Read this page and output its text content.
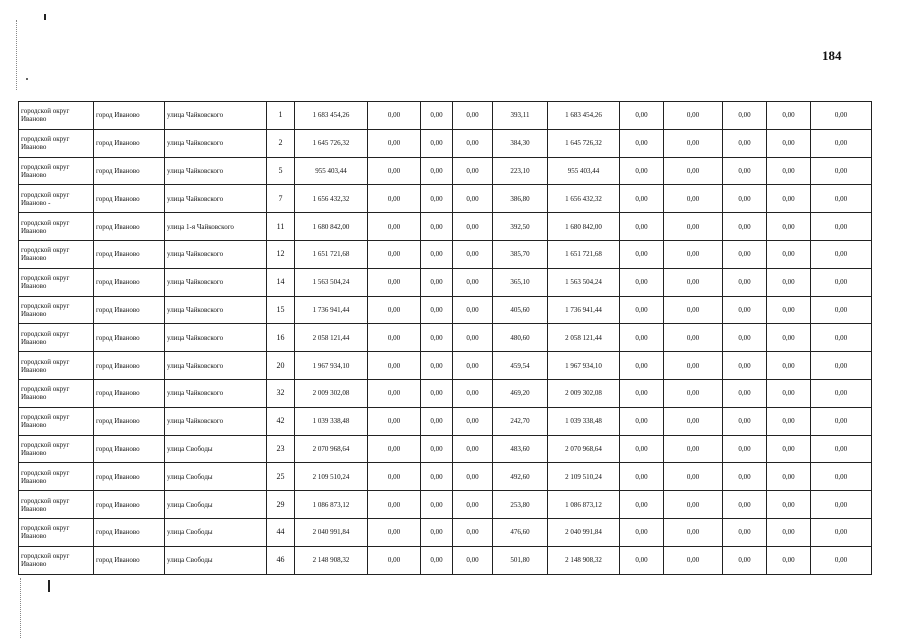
184
городской округ
Иваново	город Иваново	улица Чайковского	1	1 683 454,26	0,00	0,00	0,00	393,11	1 683 454,26	0,00	0,00	0,00	0,00	0,00

городской округ
Иваново	город Иваново	улица Чайковского	2	1 645 726,32	0,00	0,00	0,00	384,30	1 645 726,32	0,00	0,00	0,00	0,00	0,00

городской округ
Иваново	город Иваново	улица Чайковского	5	955 403,44	0,00	0,00	0,00	223,10	955 403,44	0,00	0,00	0,00	0,00	0,00

городской округ
Иваново -	город Иваново	улица Чайковского	7	1 656 432,32	0,00	0,00	0,00	386,80	1 656 432,32	0,00	0,00	0,00	0,00	0,00

городской округ
Иваново	город Иваново	улица 1-я Чайковского	11	1 680 842,00	0,00	0,00	0,00	392,50	1 680 842,00	0,00	0,00	0,00	0,00	0,00

городской округ
Иваново	город Иваново	улица Чайковского	12	1 651 721,68	0,00	0,00	0,00	385,70	1 651 721,68	0,00	0,00	0,00	0,00	0,00

городской округ
Иваново	город Иваново	улица Чайковского	14	1 563 504,24	0,00	0,00	0,00	365,10	1 563 504,24	0,00	0,00	0,00	0,00	0,00

городской округ
Иваново	город Иваново	улица Чайковского	15	1 736 941,44	0,00	0,00	0,00	405,60	1 736 941,44	0,00	0,00	0,00	0,00	0,00

городской округ
Иваново	город Иваново	улица Чайковского	16	2 058 121,44	0,00	0,00	0,00	480,60	2 058 121,44	0,00	0,00	0,00	0,00	0,00

городской округ
Иваново	город Иваново	улица Чайковского	20	1 967 934,10	0,00	0,00	0,00	459,54	1 967 934,10	0,00	0,00	0,00	0,00	0,00

городской округ
Иваново	город Иваново	улица Чайковского	32	2 009 302,08	0,00	0,00	0,00	469,20	2 009 302,08	0,00	0,00	0,00	0,00	0,00

городской округ
Иваново	город Иваново	улица Чайковского	42	1 039 338,48	0,00	0,00	0,00	242,70	1 039 338,48	0,00	0,00	0,00	0,00	0,00

городской округ
Иваново	город Иваново	улица Свободы	23	2 070 968,64	0,00	0,00	0,00	483,60	2 070 968,64	0,00	0,00	0,00	0,00	0,00

городской округ
Иваново	город Иваново	улица Свободы	25	2 109 510,24	0,00	0,00	0,00	492,60	2 109 510,24	0,00	0,00	0,00	0,00	0,00

городской округ
Иваново	город Иваново	улица Свободы	29	1 086 873,12	0,00	0,00	0,00	253,80	1 086 873,12	0,00	0,00	0,00	0,00	0,00

городской округ
Иваново	город Иваново	улица Свободы	44	2 040 991,84	0,00	0,00	0,00	476,60	2 040 991,84	0,00	0,00	0,00	0,00	0,00

городской округ
Иваново	город Иваново	улица Свободы	46	2 148 908,32	0,00	0,00	0,00	501,80	2 148 908,32	0,00	0,00	0,00	0,00	0,00
